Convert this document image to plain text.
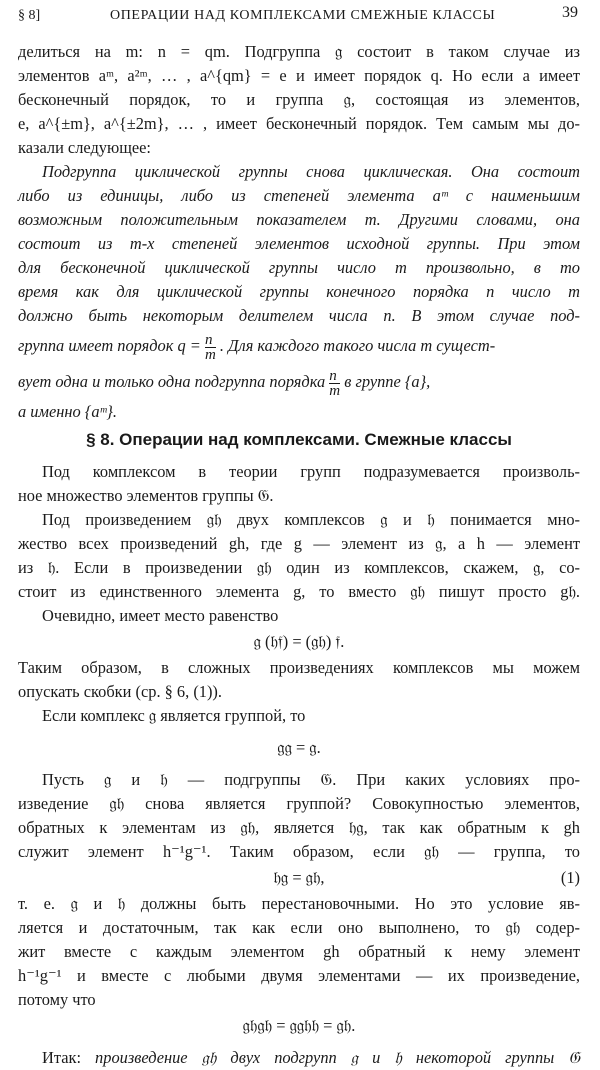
§ 8]	ОПЕРАЦИИ НАД КОМПЛЕКСАМИ СМЕЖНЫЕ КЛАССЫ	39
делиться на m: n = qm. Подгруппа 𝔤 состоит в таком случае из
элементов aᵐ, a²ᵐ, … , a^{qm} = e и имеет порядок q. Но если a имеет
бесконечный порядок, то и группа 𝔤, состоящая из элементов,
e, a^{±m}, a^{±2m}, … , имеет бесконечный порядок. Тем самым мы до-
казали следующее:
Подгруппа циклической группы снова циклическая. Она состоит
либо из единицы, либо из степеней элемента aᵐ с наименьшим
возможным положительным показателем m. Другими словами, она
состоит из m-х степеней элементов исходной группы. При этом
для бесконечной циклической группы число m произвольно, в то
время как для циклической группы конечного порядка n число m
должно быть некоторым делителем числа n. В этом случае под-
группа имеет порядок $q = \frac{n}{m}$ . Для каждого такого числа m сущест-
вует одна и только одна подгруппа порядка $\frac{n}{m}$ в группе {a},
а именно {aᵐ}.
§ 8. Операции над комплексами. Смежные классы
Под комплексом в теории групп подразумевается произволь-
ное множество элементов группы 𝔊.
Под произведением 𝔤𝔥 двух комплексов 𝔤 и 𝔥 понимается мно-
жество всех произведений gh, где g — элемент из 𝔤, а h — элемент
из 𝔥. Если в произведении 𝔤𝔥 один из комплексов, скажем, 𝔤, со-
стоит из единственного элемента g, то вместо 𝔤𝔥 пишут просто g𝔥.
Очевидно, имеет место равенство
𝔤 (𝔥𝔣) = (𝔤𝔥) 𝔣.
Таким образом, в сложных произведениях комплексов мы можем
опускать скобки (ср. § 6, (1)).
Если комплекс 𝔤 является группой, то
𝔤𝔤 = 𝔤.
Пусть 𝔤 и 𝔥 — подгруппы 𝔊. При каких условиях про-
изведение 𝔤𝔥 снова является группой? Совокупностью элементов,
обратных к элементам из 𝔤𝔥, является 𝔥𝔤, так как обратным к gh
служит элемент h⁻¹g⁻¹. Таким образом, если 𝔤𝔥 — группа, то
𝔥𝔤 = 𝔤𝔥,	(1)
т. е. 𝔤 и 𝔥 должны быть перестановочными. Но это условие яв-
ляется и достаточным, так как если оно выполнено, то 𝔤𝔥 содер-
жит вместе с каждым элементом gh обратный к нему элемент
h⁻¹g⁻¹ и вместе с любыми двумя элементами — их произведение,
потому что
𝔤𝔥𝔤𝔥 = 𝔤𝔤𝔥𝔥 = 𝔤𝔥.
Итак: произведение 𝔤𝔥 двух подгрупп 𝔤 и 𝔥 некоторой группы 𝔊
